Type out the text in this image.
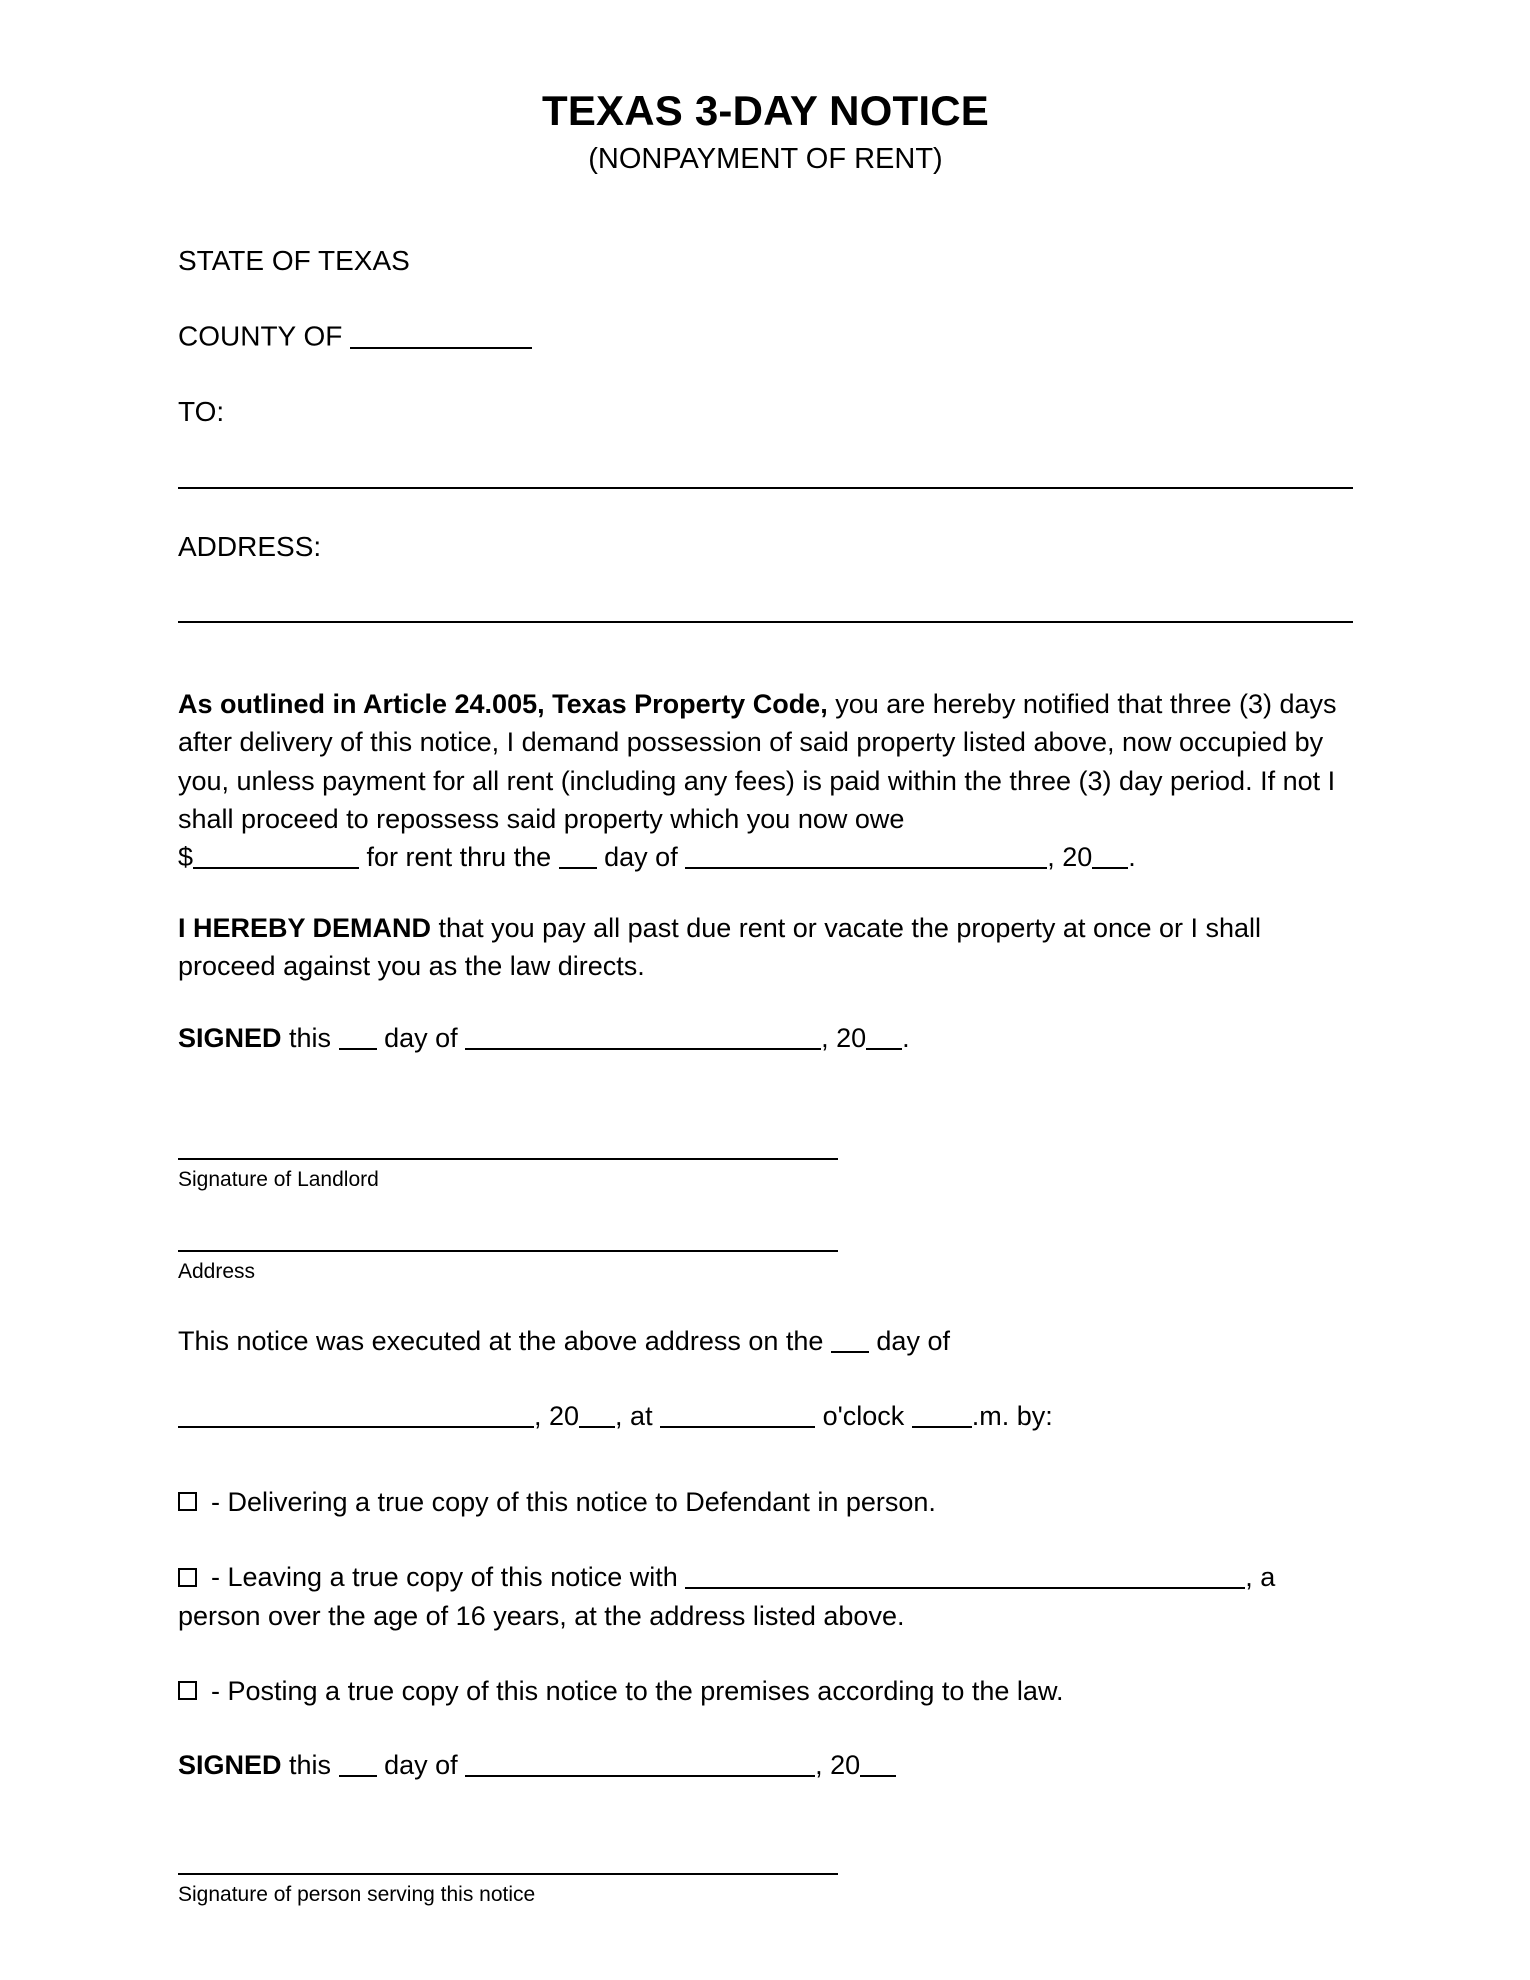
TEXAS 3-DAY NOTICE
(NONPAYMENT OF RENT)
STATE OF TEXAS
COUNTY OF
TO:
ADDRESS:
As outlined in Article 24.005, Texas Property Code, you are hereby notified that three (3) days after delivery of this notice, I demand possession of said property listed above, now occupied by you, unless payment for all rent (including any fees) is paid within the three (3) day period. If not I shall proceed to repossess said property which you now owe
$	for rent thru the  day of	, 20 .
I HEREBY DEMAND that you pay all past due rent or vacate the property at once or I shall proceed against you as the law directs.
SIGNED this  day of	, 20 .
Signature of Landlord
Address
This notice was executed at the above address on the  day of
, 20 , at	o'clock .m. by:
- Delivering a true copy of this notice to Defendant in person.
- Leaving a true copy of this notice with	, a person over the age of 16 years, at the address listed above.
- Posting a true copy of this notice to the premises according to the law.
SIGNED this  day of	, 20
Signature of person serving this notice
